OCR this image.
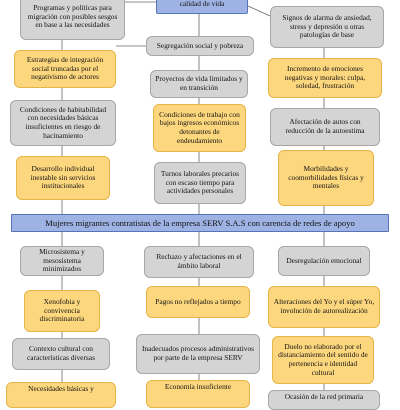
Programas y políticas para migración con posibles sesgos en base a las necesidades
calidad de vida
Signos de alarma de ansiedad, stress y depresión u otras patologías de base
Segregación social y pobreza
Estrategias de integración social truncadas por el negativismo de actores
Incremento de emociones negativas y morales: culpa, soledad, frustración
Proyectos de vida limitados y en transición
Condiciones de habitabilidad con necesidades básicas insuficientes en riesgo de hacinamiento
Condiciones de trabajo con bajos ingresos económicos detonantes de endeudamiento
Afectación de autos con reducción de la autoestima
Desarrollo individual inestable sin servicios institucionales
Turnos laborales precarios con escaso tiempo para actividades personales
Morbilidades y coomorbilidades físicas y mentales
Mujeres migrantes contratistas de la empresa SERV S.A.S con carencia de redes de apoyo
Microsistema y mesosistema minimizados
Rechazo y afectaciones en el ámbito laboral
Desregulación emocional
Xenofobia y convivencia discriminatoria
Pagos no reflejados a tiempo	Alteraciones del Yo y el súper Yo, involución de autorealización
Contexto cultural con características diversas
Inadecuados procesos administrativos por parte de la empresa SERV
Duelo no elaborado por el distanciamiento del sentido de pertenencia e identidad cultural
Necesidades básicas y	Economía insuficiente
Ocasión de la red primaria
